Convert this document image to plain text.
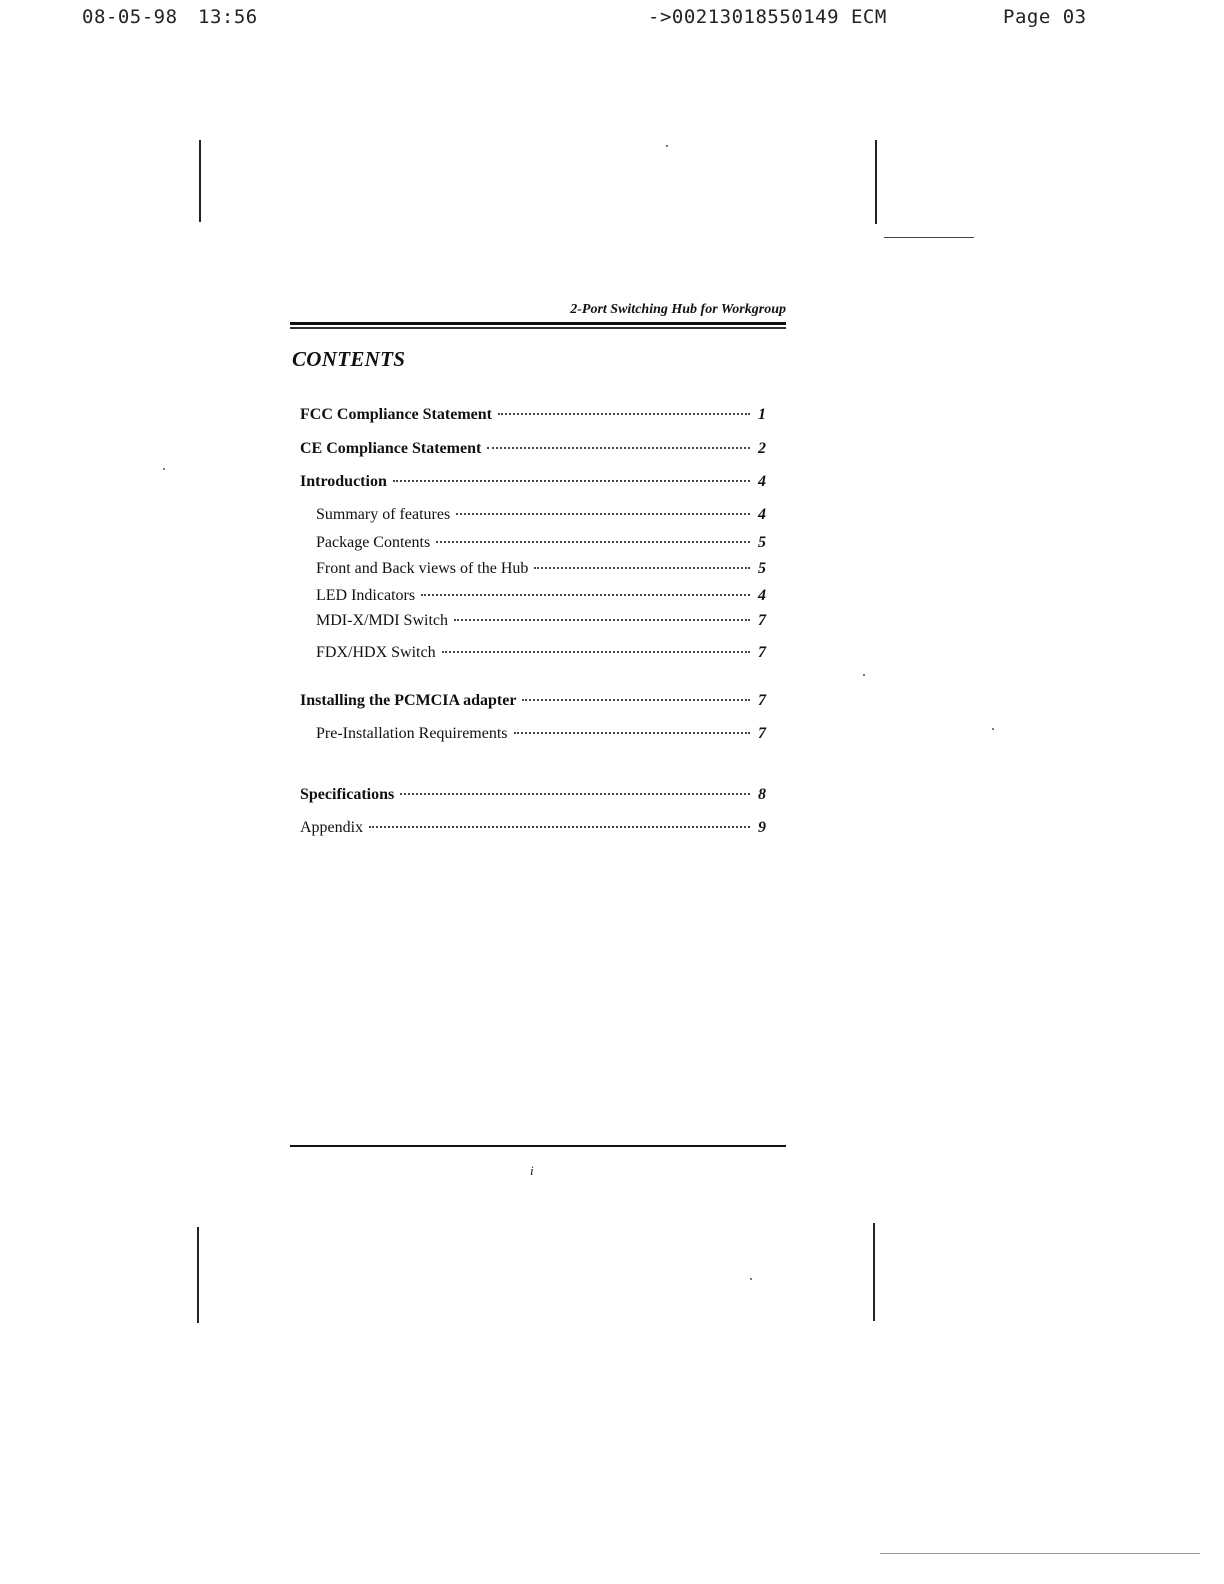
08-05-98 13:56	->00213018550149 ECM	Page 03
2-Port Switching Hub for Workgroup
CONTENTS
FCC Compliance Statement	1
CE Compliance Statement	2
Introduction	4
Summary of features	4
Package Contents	5
Front and Back views of the Hub	5
LED Indicators	4
MDI-X/MDI Switch	7
FDX/HDX Switch	7
Installing the PCMCIA adapter	7
Pre-Installation Requirements	7
Specifications	8
Appendix	9
i
